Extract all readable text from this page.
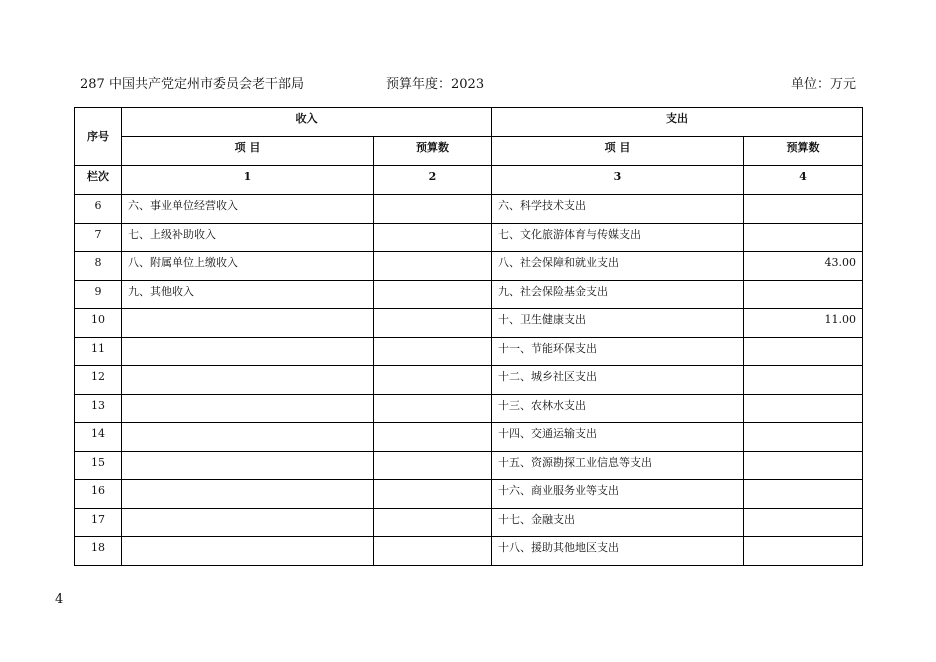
287 中国共产党定州市委员会老干部局	预算年度：2023	单位：万元
序号	收入		支出	
	项 目	预算数	项 目	预算数
栏次	1	2	3	4
6	六、事业单位经营收入		六、科学技术支出	
7	七、上级补助收入		七、文化旅游体育与传媒支出	
8	八、附属单位上缴收入		八、社会保障和就业支出	43.00
9	九、其他收入		九、社会保险基金支出	
10			十、卫生健康支出	11.00
11			十一、节能环保支出	
12			十二、城乡社区支出	
13			十三、农林水支出	
14			十四、交通运输支出	
15			十五、资源勘探工业信息等支出	
16			十六、商业服务业等支出	
17			十七、金融支出	
18			十八、援助其他地区支出	
4
